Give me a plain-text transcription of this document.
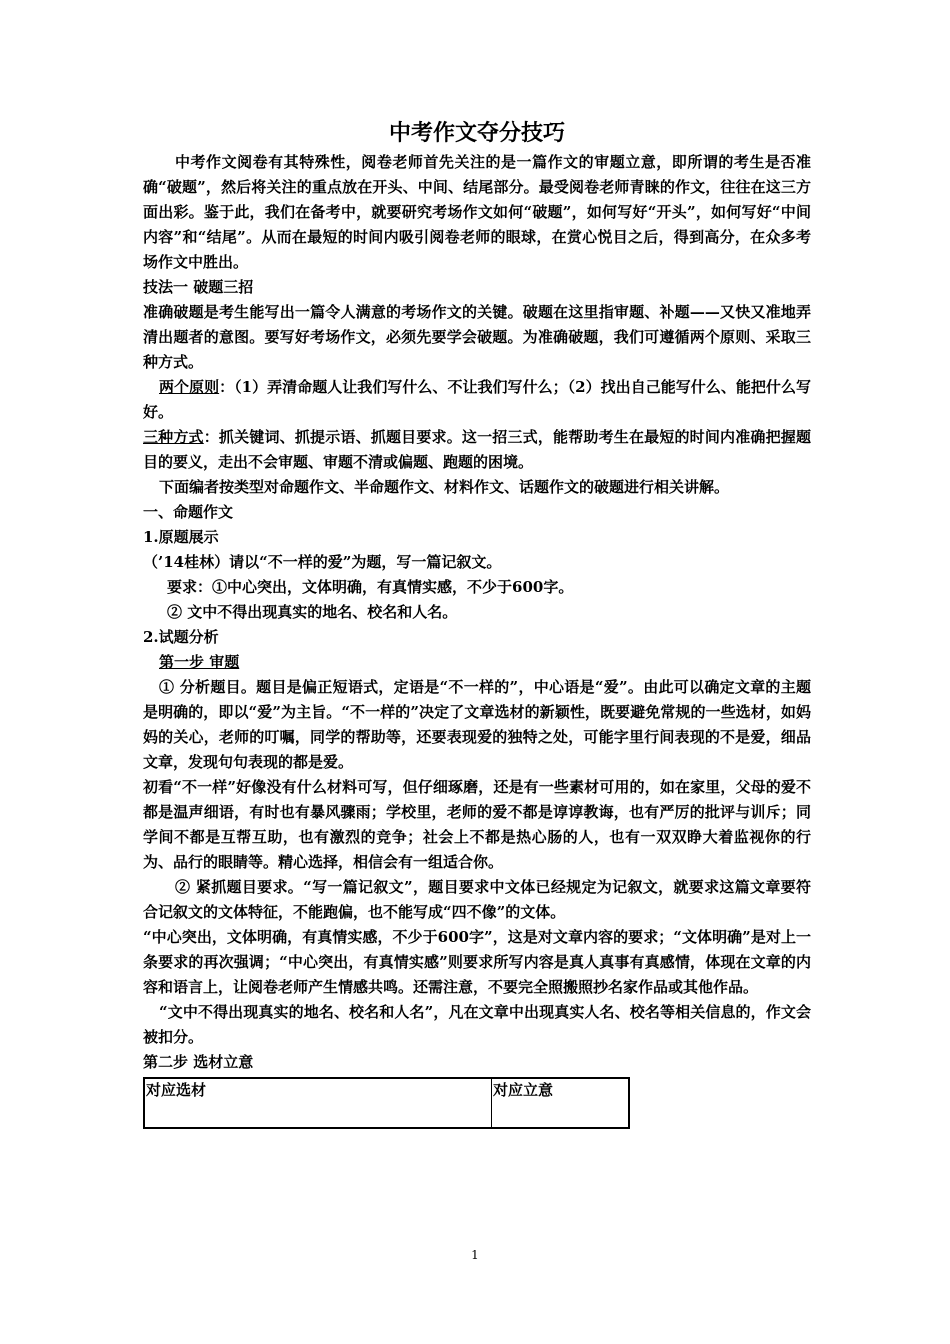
中考作文夺分技巧

中考作文阅卷有其特殊性，阅卷老师首先关注的是一篇作文的审题立意，即所谓的考生是否准确“破题”，然后将关注的重点放在开头、中间、结尾部分。最受阅卷老师青睐的作文，往往在这三方面出彩。鉴于此，我们在备考中，就要研究考场作文如何“破题”，如何写好“开头”，如何写好“中间内容”和“结尾”。从而在最短的时间内吸引阅卷老师的眼球，在赏心悦目之后，得到高分，在众多考场作文中胜出。

技法一 破题三招

准确破题是考生能写出一篇令人满意的考场作文的关键。破题在这里指审题、补题——又快又准地弄清出题者的意图。要写好考场作文，必须先要学会破题。为准确破题，我们可遵循两个原则、采取三种方式。

两个原则：（1）弄清命题人让我们写什么、不让我们写什么；（2）找出自己能写什么、能把什么写好。

三种方式：抓关键词、抓提示语、抓题目要求。这一招三式，能帮助考生在最短的时间内准确把握题目的要义，走出不会审题、审题不清或偏题、跑题的困境。

下面编者按类型对命题作文、半命题作文、材料作文、话题作文的破题进行相关讲解。

一、命题作文

1.原题展示

（’14桂林）请以“不一样的爱”为题，写一篇记叙文。

要求：①中心突出，文体明确，有真情实感，不少于600字。

② 文中不得出现真实的地名、校名和人名。

2.试题分析

第一步 审题

① 分析题目。题目是偏正短语式，定语是“不一样的”，中心语是“爱”。由此可以确定文章的主题是明确的，即以“爱”为主旨。“不一样的”决定了文章选材的新颖性，既要避免常规的一些选材，如妈妈的关心，老师的叮嘱，同学的帮助等，还要表现爱的独特之处，可能字里行间表现的不是爱，细品文章，发现句句表现的都是爱。

初看“不一样”好像没有什么材料可写，但仔细琢磨，还是有一些素材可用的，如在家里，父母的爱不都是温声细语，有时也有暴风骤雨；学校里，老师的爱不都是谆谆教诲，也有严厉的批评与训斥；同学间不都是互帮互助，也有激烈的竞争；社会上不都是热心肠的人，也有一双双睁大着监视你的行为、品行的眼睛等。精心选择，相信会有一组适合你。

② 紧抓题目要求。“写一篇记叙文”，题目要求中文体已经规定为记叙文，就要求这篇文章要符合记叙文的文体特征，不能跑偏，也不能写成“四不像”的文体。

“中心突出，文体明确，有真情实感，不少于600字”，这是对文章内容的要求；“文体明确”是对上一条要求的再次强调；“中心突出，有真情实感”则要求所写内容是真人真事有真感情，体现在文章的内容和语言上，让阅卷老师产生情感共鸣。还需注意，不要完全照搬照抄名家作品或其他作品。

“文中不得出现真实的地名、校名和人名”，凡在文章中出现真实人名、校名等相关信息的，作文会被扣分。

第二步 选材立意

对应选材	对应立意
1
